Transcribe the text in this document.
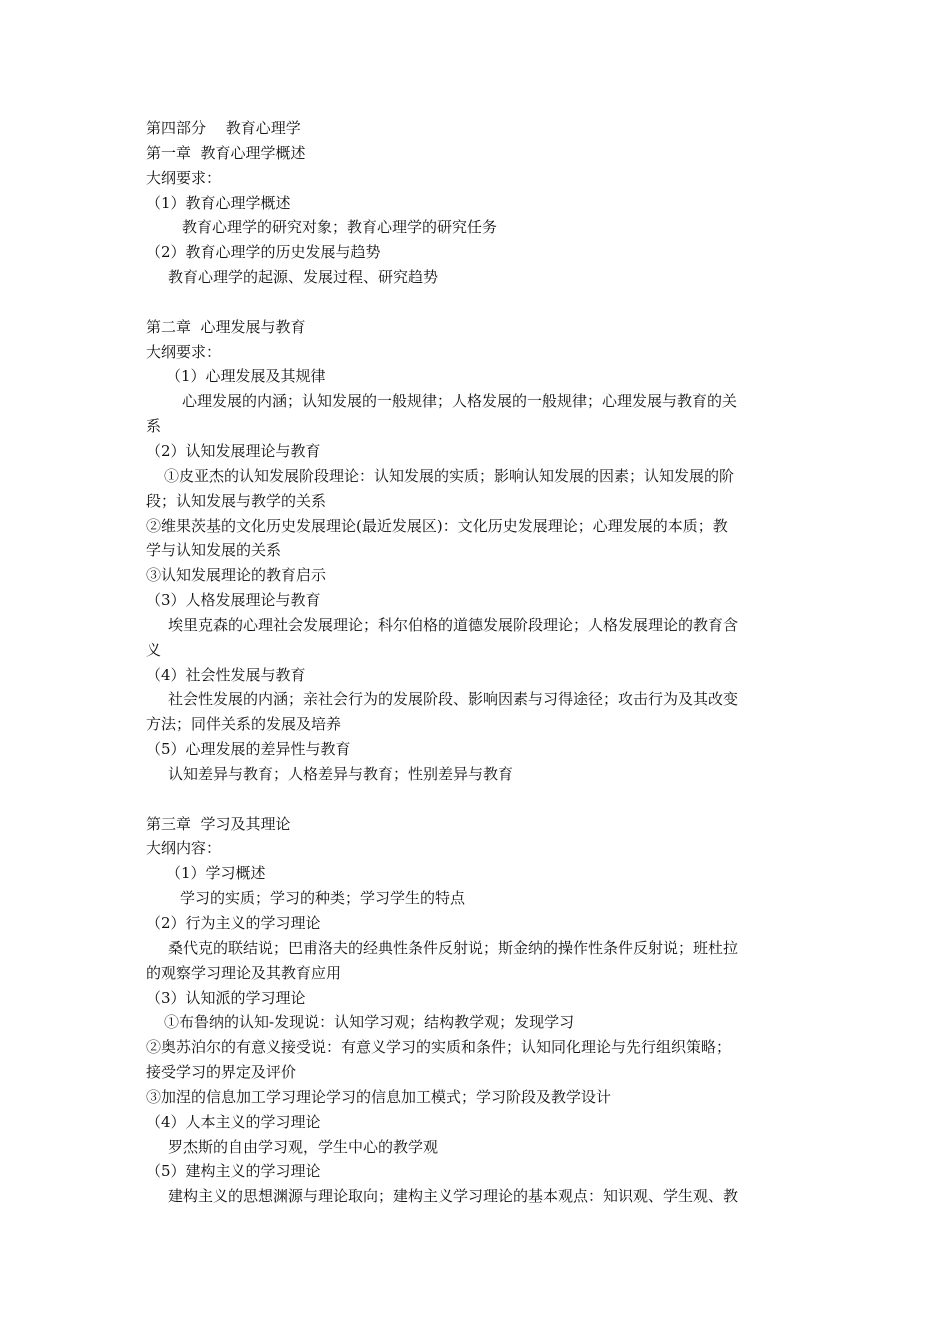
第四部分　 教育心理学
第一章  教育心理学概述
大纲要求：
（1）教育心理学概述
教育心理学的研究对象；教育心理学的研究任务
（2）教育心理学的历史发展与趋势
教育心理学的起源、发展过程、研究趋势
第二章  心理发展与教育
大纲要求：
（1）心理发展及其规律
心理发展的内涵；认知发展的一般规律；人格发展的一般规律；心理发展与教育的关
系
（2）认知发展理论与教育
①皮亚杰的认知发展阶段理论：认知发展的实质；影响认知发展的因素；认知发展的阶
段；认知发展与教学的关系
②维果茨基的文化历史发展理论(最近发展区)：文化历史发展理论；心理发展的本质；教
学与认知发展的关系
③认知发展理论的教育启示
（3）人格发展理论与教育
埃里克森的心理社会发展理论；科尔伯格的道德发展阶段理论；人格发展理论的教育含
义
（4）社会性发展与教育
社会性发展的内涵；亲社会行为的发展阶段、影响因素与习得途径；攻击行为及其改变
方法；同伴关系的发展及培养
（5）心理发展的差异性与教育
认知差异与教育；人格差异与教育；性别差异与教育
第三章  学习及其理论
大纲内容：
（1）学习概述
学习的实质；学习的种类；学习学生的特点
（2）行为主义的学习理论
桑代克的联结说；巴甫洛夫的经典性条件反射说；斯金纳的操作性条件反射说；班杜拉
的观察学习理论及其教育应用
（3）认知派的学习理论
①布鲁纳的认知-发现说：认知学习观；结构教学观；发现学习
②奥苏泊尔的有意义接受说：有意义学习的实质和条件；认知同化理论与先行组织策略；
接受学习的界定及评价
③加涅的信息加工学习理论学习的信息加工模式；学习阶段及教学设计
（4）人本主义的学习理论
罗杰斯的自由学习观，学生中心的教学观
（5）建构主义的学习理论
建构主义的思想渊源与理论取向；建构主义学习理论的基本观点：知识观、学生观、教
